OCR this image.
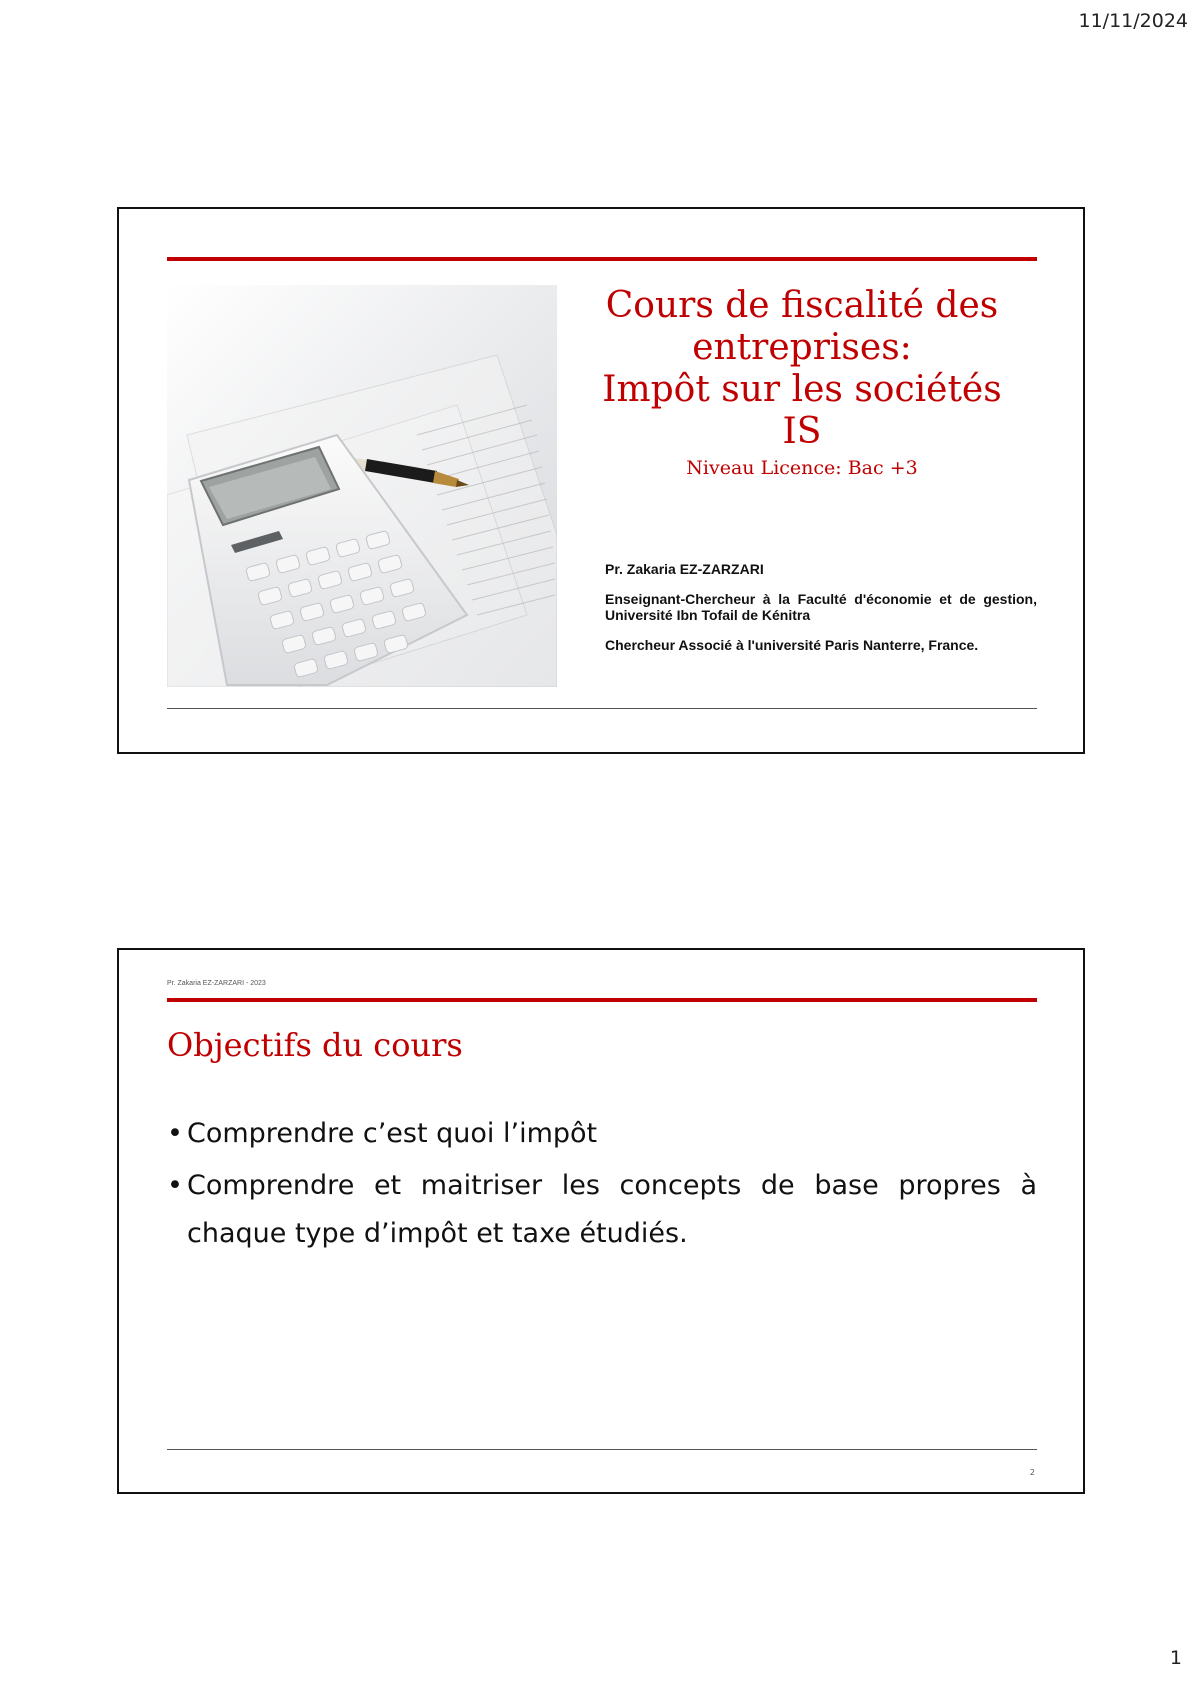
11/11/2024
Cours de fiscalité des
entreprises:
Impôt sur les sociétés
IS
Niveau Licence: Bac +3

Pr. Zakaria EZ-ZARZARI

Enseignant-Chercheur à la Faculté d'économie et de gestion, Université Ibn Tofail de Kénitra

Chercheur Associé à l'université Paris Nanterre, France.

Pr. Zakaria EZ-ZARZARI - 2023
Objectifs du cours
• Comprendre c’est quoi l’impôt
• Comprendre et maitriser les concepts de base propres à chaque type d’impôt et taxe étudiés.
2
1
